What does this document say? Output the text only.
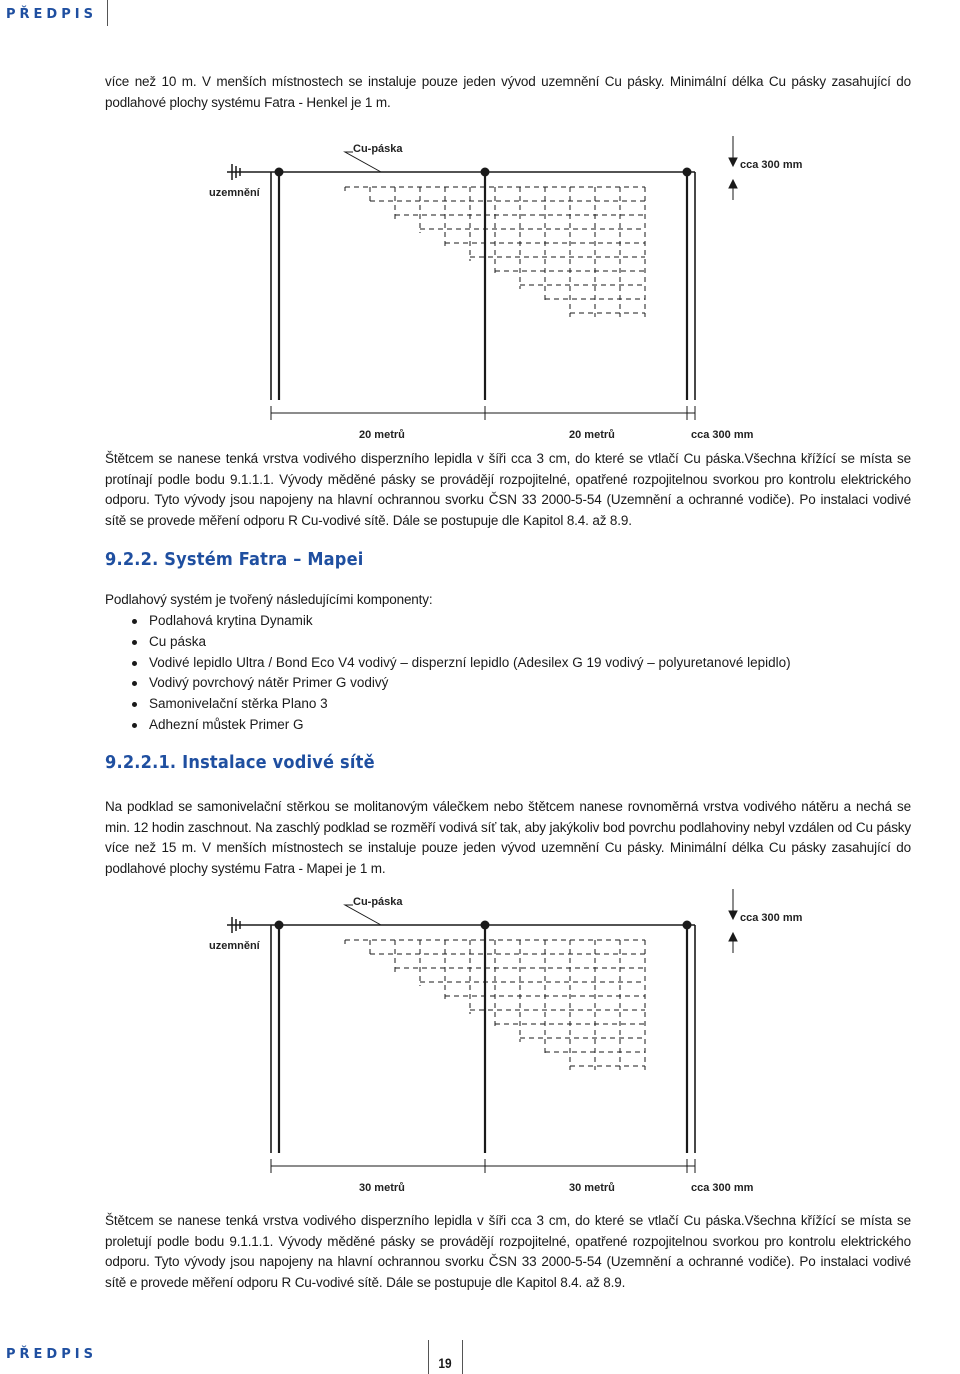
PŘEDPIS

více než 10 m. V menších místnostech se instaluje pouze jeden vývod uzemnění Cu pásky. Minimální délka Cu pásky zasahující do podlahové plochy systému Fatra - Henkel je 1 m.

Cu-páska
uzemnění
cca 300 mm
20 metrů	20 metrů	cca 300 mm

Štětcem se nanese tenká vrstva vodivého disperzního lepidla v šíři cca 3 cm, do které se vtlačí Cu páska.Všechna křížící se místa se protínají podle bodu 9.1.1.1. Vývody měděné pásky se provádějí rozpojitelné, opatřené rozpojitelnou svorkou pro kontrolu elektrického odporu. Tyto vývody jsou napojeny na hlavní ochrannou svorku ČSN 33 2000-5-54 (Uzemnění a ochranné vodiče). Po instalaci vodivé sítě se provede měření odporu R Cu-vodivé sítě. Dále se postupuje dle Kapitol 8.4. až 8.9.

9.2.2. Systém Fatra – Mapei

Podlahový systém je tvořený následujícími komponenty:

Podlahová krytina Dynamik
Cu páska
Vodivé lepidlo Ultra / Bond Eco V4 vodivý – disperzní lepidlo (Adesilex G 19 vodivý – polyuretanové lepidlo)
Vodivý povrchový nátěr Primer G vodivý
Samonivelační stěrka Plano 3
Adhezní můstek Primer G
9.2.2.1. Instalace vodivé sítě

Na podklad se samonivelační stěrkou se molitanovým válečkem nebo štětcem nanese rovnoměrná vrstva vodivého nátěru a nechá se min. 12 hodin zaschnout. Na zaschlý podklad se rozměří vodivá síť tak, aby jakýkoliv bod povrchu podlahoviny nebyl vzdálen od Cu pásky více než 15 m. V menších místnostech se instaluje pouze jeden vývod uzemnění Cu pásky. Minimální délka Cu pásky zasahující do podlahové plochy systému Fatra - Mapei je 1 m.

Cu-páska
uzemnění
cca 300 mm
30 metrů	30 metrů	cca 300 mm

Štětcem se nanese tenká vrstva vodivého disperzního lepidla v šíři cca 3 cm, do které se vtlačí Cu páska.Všechna křížící se místa se proletují podle bodu 9.1.1.1. Vývody měděné pásky se provádějí rozpojitelné, opatřené rozpojitelnou svorkou pro kontrolu elektrického odporu. Tyto vývody jsou napojeny na hlavní ochrannou svorku ČSN 33 2000-5-54 (Uzemnění a ochranné vodiče). Po instalaci vodivé sítě e provede měření odporu R Cu-vodivé sítě. Dále se postupuje dle Kapitol 8.4. až 8.9.

PŘEDPIS
19
